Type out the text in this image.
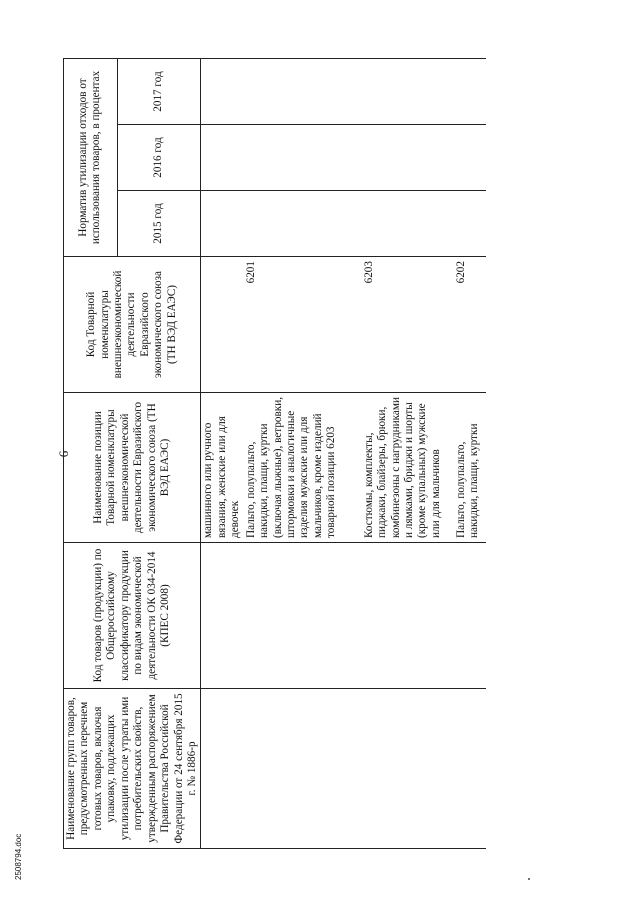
2508794.doc
6
Наименование групп товаров, предусмотренных перечнем готовых товаров, включая упаковку, подлежащих утилизации после утраты ими потребительских свойств, утвержденным распоряжением Правительства Российской Федерации от 24 сентября 2015 г. № 1886-р	Код товаров (продукции) по Общероссийскому классификатору продукции по видам экономической деятельности ОК 034-2014 (КПЕС 2008)	Наименование позиции Товарной номенклатуры внешнеэкономической деятельности Евразийского экономического союза (ТН ВЭД ЕАЭС)	Код Товарной номенклатуры внешнеэкономической деятельности Евразийского экономического союза (ТН ВЭД ЕАЭС)	Норматив утилизации отходов от использования товаров, в процентах		
				2015 год	2016 год	2017 год
		машинного или ручного вязания, женские или для девочек				
		Пальто, полупальто, накидки, плащи, куртки (включая лыжные), ветровки, штормовки и аналогичные изделия мужские или для мальчиков, кроме изделий товарной позиции 6203	6201			
		Костюмы, комплекты, пиджаки, блайзеры, брюки, комбинезоны с нагрудниками и лямками, бриджи и шорты (кроме купальных) мужские или для мальчиков	6203			
		Пальто, полупальто, накидки, плащи, куртки	6202			
